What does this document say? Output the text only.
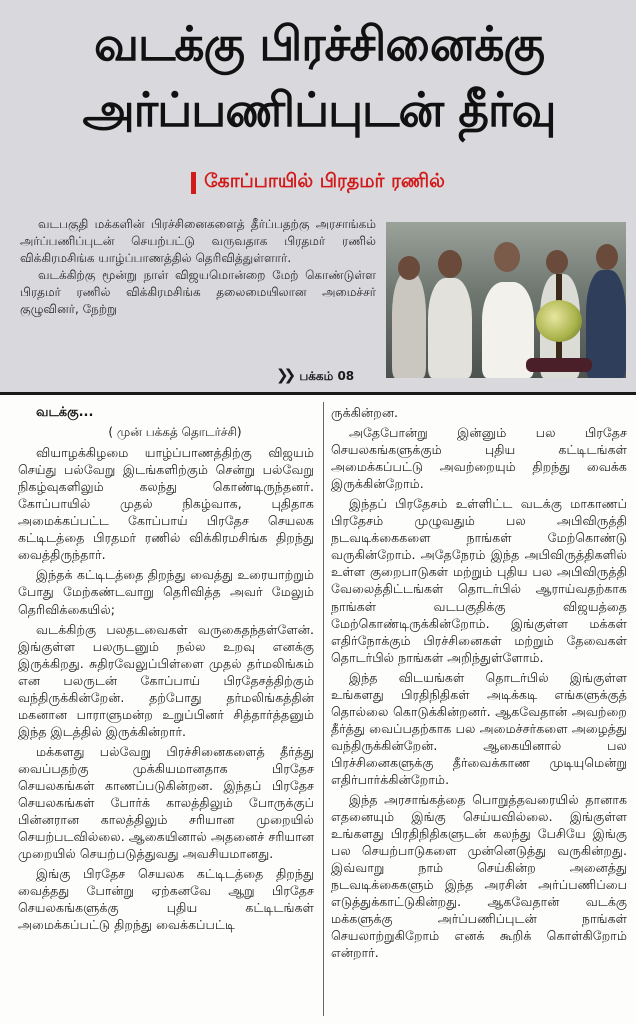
வடக்கு பிரச்சினைக்கு
அர்ப்பணிப்புடன் தீர்வு
கோப்பாயில் பிரதமர் ரணில்

வடபகுதி மக்களின் பிரச்சினைகளைத் தீர்ப்பதற்கு அரசாங்கம் அர்ப்பணிப்புடன் செயற்பட்டு வருவதாக பிரதமர் ரணில் விக்கிரமசிங்க யாழ்ப்பாணத்தில் தெரிவித்துள்ளார்.

வடக்கிற்கு மூன்று நாள் விஜயமொன்றை மேற் கொண்டுள்ள பிரதமர் ரணில் விக்கிரமசிங்க தலைமையிலான அமைச்சர் குழுவினர், நேற்று

❯❯ பக்கம் 08

வடக்கு...

( முன் பக்கத் தொடர்ச்சி)

வியாழக்கிழமை யாழ்ப்பாணத்திற்கு விஜயம் செய்து பல்வேறு இடங்களிற்கும் சென்று பல்வேறு நிகழ்வுகளிலும் கலந்து கொண்டிருந்தனர். கோப்பாயில் முதல் நிகழ்வாக, புதிதாக அமைக்கப்பட்ட கோப்பாய் பிரதேச செயலக கட்டிடத்தை பிரதமர் ரணில் விக்கிரமசிங்க திறந்து வைத்திருந்தார்.

இந்தக் கட்டிடத்தை திறந்து வைத்து உரையாற்றும் போது மேற்கண்டவாறு தெரிவித்த அவர் மேலும் தெரிவிக்கையில்;

வடக்கிற்கு பலதடவைகள் வருகைதந்தள்ளேன். இங்குள்ள பலருடனும் நல்ல உறவு எனக்கு இருக்கிறது. சுதிரவேலுப்பிள்ளை முதல் தர்மலிங்கம் என பலருடன் கோப்பாய் பிரதேசத்திற்கும் வந்திருக்கின்றேன். தற்போது தர்மலிங்கத்தின் மகனான பாராளுமன்ற உறுப்பினர் சித்தார்த்தனும் இந்த இடத்தில் இருக்கின்றார்.

மக்களது பல்வேறு பிரச்சினைகளைத் தீர்த்து வைப்பதற்கு முக்கியமானதாக பிரதேச செயலகங்கள் காணப்படுகின்றன. இந்தப் பிரதேச செயலகங்கள் போர்க் காலத்திலும் போருக்குப் பின்னரான காலத்திலும் சரியான முறையில் செயற்படவில்லை. ஆகையினால் அதனைச் சரியான முறையில் செயற்படுத்துவது அவசியமானது.

இங்கு பிரதேச செயலக கட்டிடத்தை திறந்து வைத்தது போன்று ஏற்கனவே ஆறு பிரதேச செயலகங்களுக்கு புதிய கட்டிடங்கள் அமைக்கப்பட்டு திறந்து வைக்கப்பட்டி

ருக்கின்றன.

அதேபோன்று இன்னும் பல பிரதேச செயலகங்களுக்கும் புதிய கட்டிடங்கள் அமைக்கப்பட்டு அவற்றையும் திறந்து வைக்க இருக்கின்றோம்.

இந்தப் பிரதேசம் உள்ளிட்ட வடக்கு மாகாணப் பிரதேசம் முழுவதும் பல அபிவிருத்தி நடவடிக்கைகளை நாங்கள் மேற்கொண்டு வருகின்றோம். அதேநேரம் இந்த அபிவிருத்திகளில் உள்ள குறைபாடுகள் மற்றும் புதிய பல அபிவிருத்தி வேலைத்திட்டங்கள் தொடர்பில் ஆராய்வதற்காக நாங்கள் வடபகுதிக்கு விஜயத்தை மேற்கொண்டிருக்கின்றோம். இங்குள்ள மக்கள் எதிர்நோக்கும் பிரச்சினைகள் மற்றும் தேவைகள் தொடர்பில் நாங்கள் அறிந்துள்ளோம்.

இந்த விடயங்கள் தொடர்பில் இங்குள்ள உங்களது பிரதிநிதிகள் அடிக்கடி எங்களுக்குத் தொல்லை கொடுக்கின்றனர். ஆகவேதான் அவற்றை தீர்த்து வைப்பதற்காக பல அமைச்சர்களை அழைத்து வந்திருக்கின்றேன். ஆகையினால் பல பிரச்சினைகளுக்கு தீர்வைக்காண முடியுமென்று எதிர்பார்க்கின்றோம்.

இந்த அரசாங்கத்தை பொறுத்தவரையில் தானாக எதனையும் இங்கு செய்யவில்லை. இங்குள்ள உங்களது பிரதிநிதிகளுடன் கலந்து பேசியே இங்கு பல செயற்பாடுகளை முன்னெடுத்து வருகின்றது. இவ்வாறு நாம் செய்கின்ற அனைத்து நடவடிக்கைகளும் இந்த அரசின் அர்ப்பணிப்பை எடுத்துக்காட்டுகின்றது. ஆகவேதான் வடக்கு மக்களுக்கு அர்ப்பணிப்புடன் நாங்கள் செயலாற்றுகிறோம் எனக் கூறிக் கொள்கிறோம் என்றார்.
